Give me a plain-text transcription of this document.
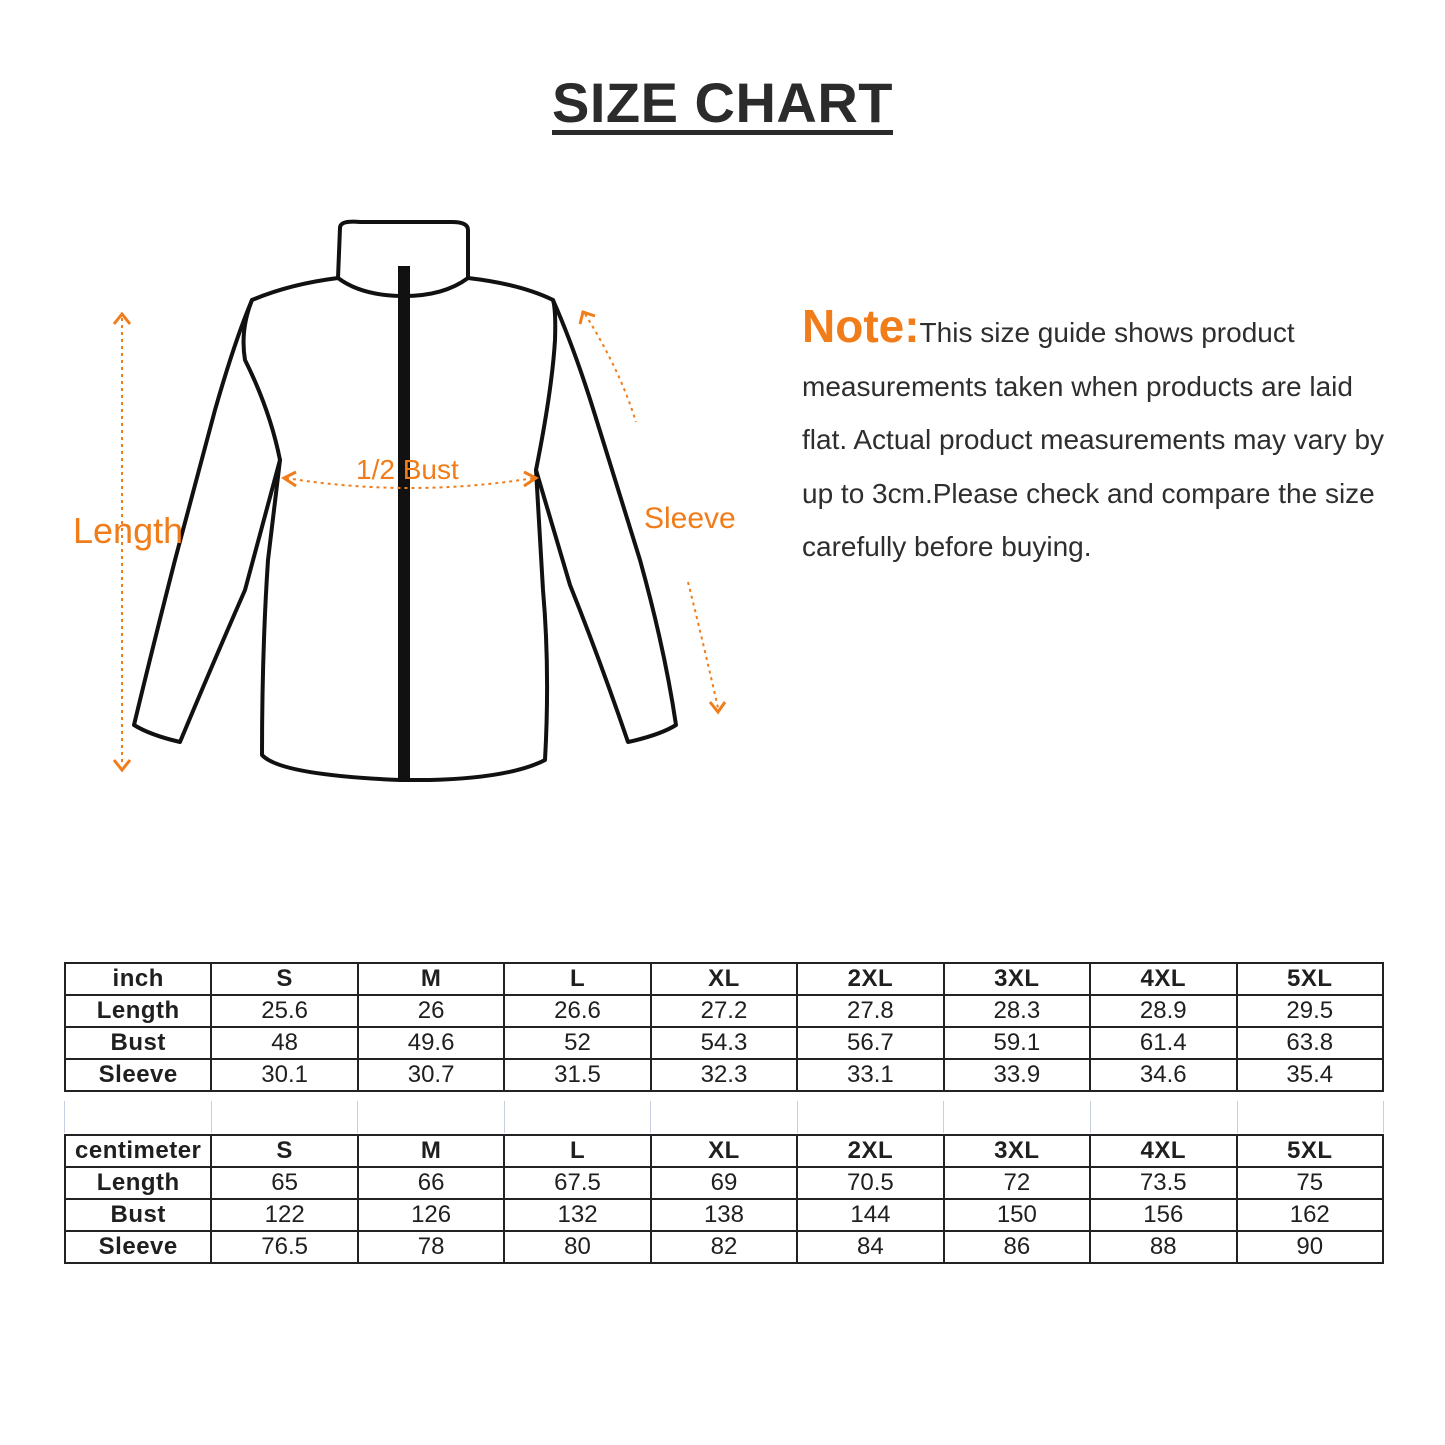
SIZE CHART
Length
1/2 Bust
Sleeve
Note:This size guide shows product measurements taken when products are laid flat. Actual product measurements may vary by up to 3cm.Please check and compare the size carefully before buying.
inch	S	M	L	XL	2XL	3XL	4XL	5XL
Length	25.6	26	26.6	27.2	27.8	28.3	28.9	29.5
Bust	48	49.6	52	54.3	56.7	59.1	61.4	63.8
Sleeve	30.1	30.7	31.5	32.3	33.1	33.9	34.6	35.4
centimeter	S	M	L	XL	2XL	3XL	4XL	5XL
Length	65	66	67.5	69	70.5	72	73.5	75
Bust	122	126	132	138	144	150	156	162
Sleeve	76.5	78	80	82	84	86	88	90
